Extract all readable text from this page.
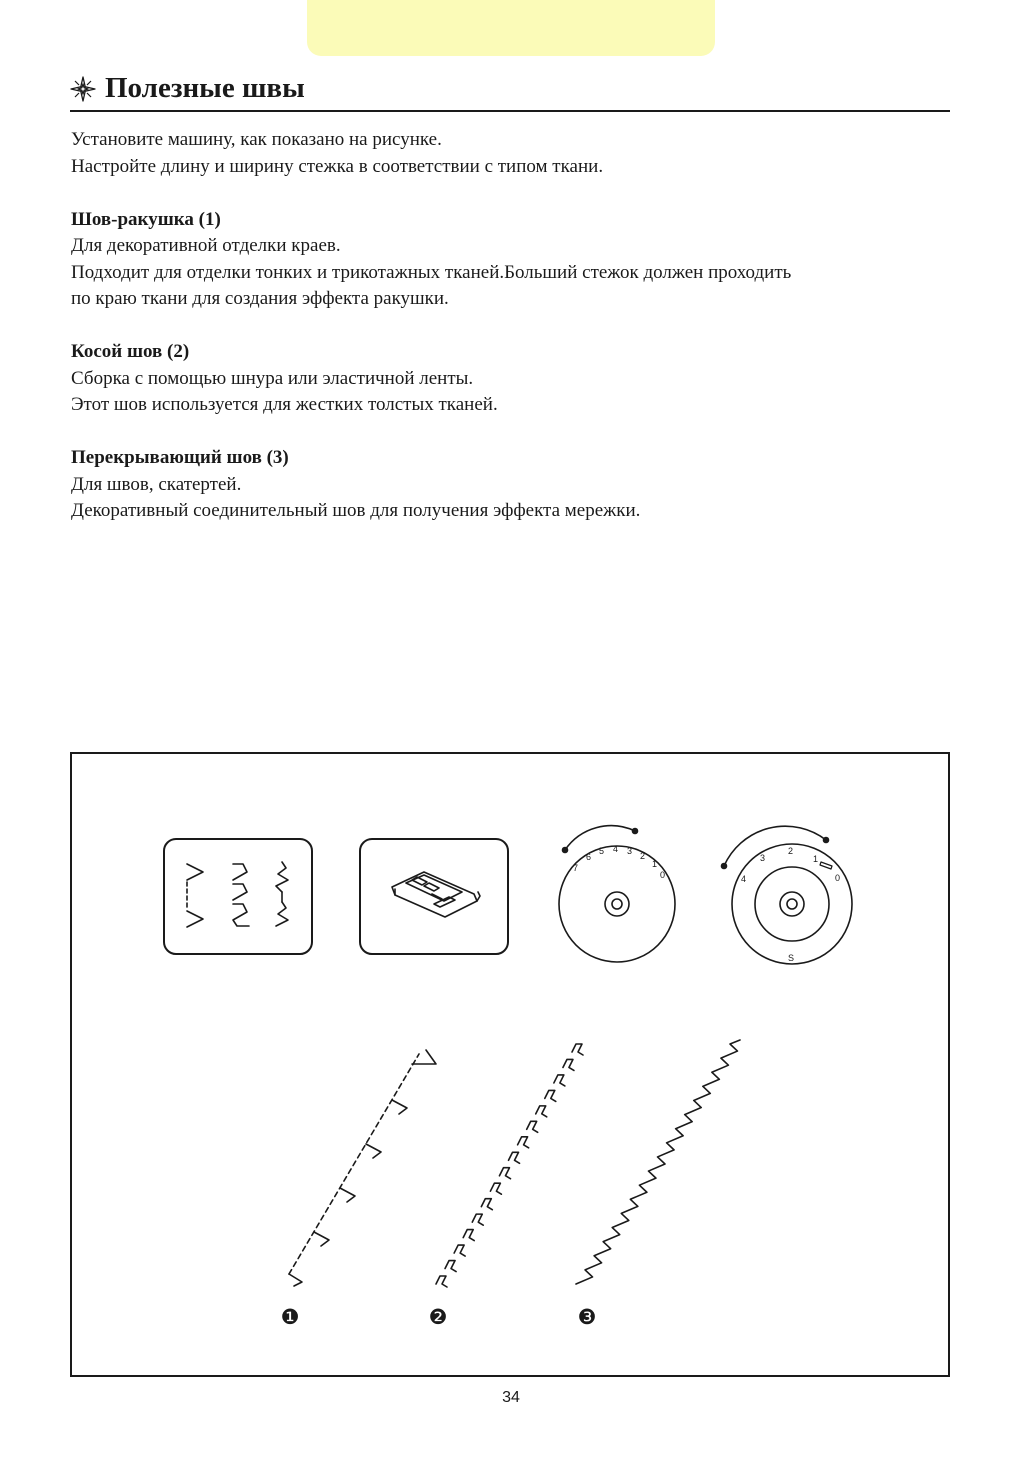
Полезные швы

Установите машину, как показано на рисунке.

Настройте длину и ширину стежка в соответствии с типом ткани.

Шов-ракушка (1)

Для декоративной отделки краев.

Подходит для отделки тонких и трикотажных тканей.Больший стежок должен проходить

по краю ткани для создания эффекта ракушки.

Косой шов (2)

Сборка с помощью шнура или эластичной ленты.

Этот шов используется для жестких толстых тканей.

Перекрывающий шов (3)

Для швов, скатертей.

Декоративный соединительный шов для получения эффекта мережки.

7
6
5 4 3 2
1
0	4
3
2
1
0
S
❶	❷	❸
34
